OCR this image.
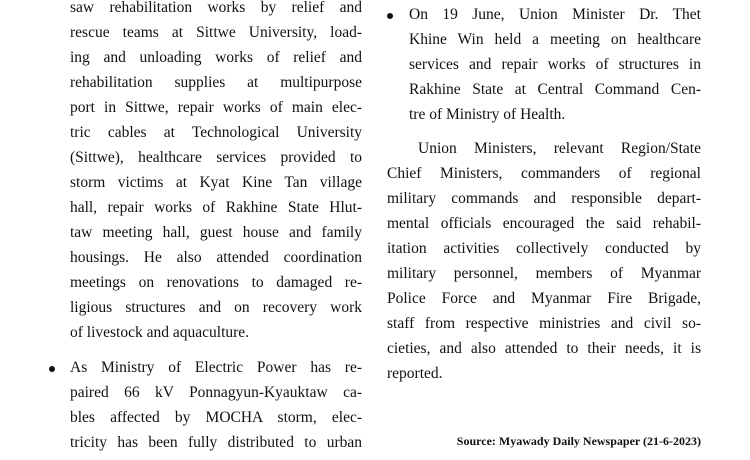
saw rehabilitation works by relief and
rescue teams at Sittwe University, load-
ing and unloading works of relief and
rehabilitation supplies at multipurpose
port in Sittwe, repair works of main elec-
tric cables at Technological University
(Sittwe), healthcare services provided to
storm victims at Kyat Kine Tan village
hall, repair works of Rakhine State Hlut-
taw meeting hall, guest house and family
housings. He also attended coordination
meetings on renovations to damaged re-
ligious structures and on recovery work
of livestock and aquaculture.
As Ministry of Electric Power has re-
paired 66 kV Ponnagyun-Kyauktaw ca-
bles affected by MOCHA storm, elec-
tricity has been fully distributed to urban
On 19 June, Union Minister Dr. Thet
Khine Win held a meeting on healthcare
services and repair works of structures in
Rakhine State at Central Command Cen-
tre of Ministry of Health.
Union Ministers, relevant Region/State
Chief Ministers, commanders of regional
military commands and responsible depart-
mental officials encouraged the said rehabil-
itation activities collectively conducted by
military personnel, members of Myanmar
Police Force and Myanmar Fire Brigade,
staff from respective ministries and civil so-
cieties, and also attended to their needs, it is
reported.
Source: Myawady Daily Newspaper (21-6-2023)
